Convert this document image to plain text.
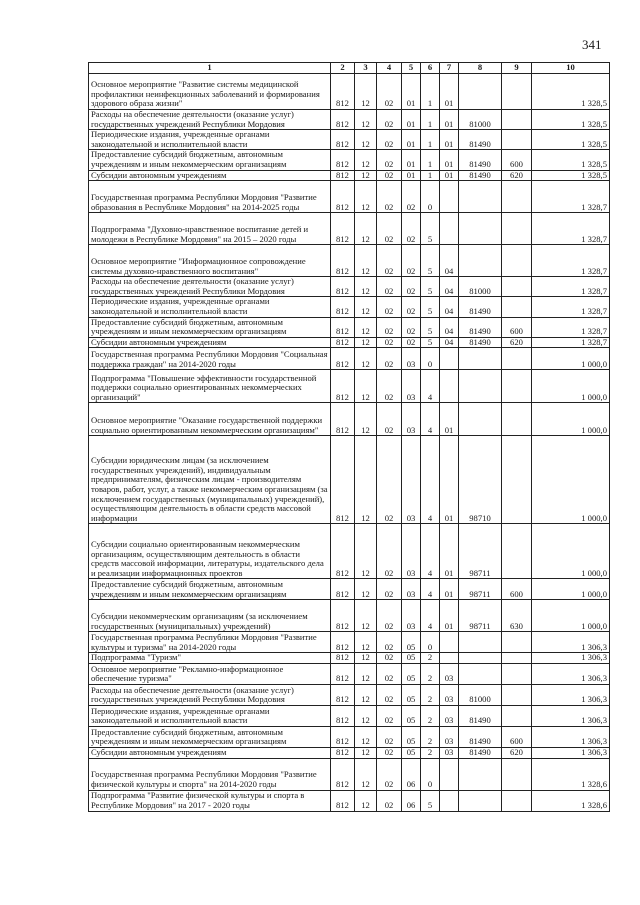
341
1	2	3	4	5	6	7	8	9	10
Основное мероприятие "Развитие системы медицинской профилактики неинфекционных заболеваний и формирования здорового образа жизни"	812	12	02	01	1	01			1 328,5
Расходы на обеспечение деятельности (оказание услуг) государственных учреждений Республики Мордовия	812	12	02	01	1	01	81000		1 328,5
Периодические издания, учрежденные органами законодательной и исполнительной власти	812	12	02	01	1	01	81490		1 328,5
Предоставление субсидий бюджетным, автономным учреждениям и иным некоммерческим организациям	812	12	02	01	1	01	81490	600	1 328,5
Субсидии автономным учреждениям	812	12	02	01	1	01	81490	620	1 328,5
Государственная программа Республики Мордовия "Развитие образования в Республике Мордовия" на 2014-2025 годы	812	12	02	02	0				1 328,7
Подпрограмма "Духовно-нравственное воспитание детей и молодежи в Республике Мордовия" на 2015 – 2020 годы	812	12	02	02	5				1 328,7
Основное мероприятие "Информационное сопровождение системы духовно-нравственного воспитания"	812	12	02	02	5	04			1 328,7
Расходы на обеспечение деятельности (оказание услуг) государственных учреждений Республики Мордовия	812	12	02	02	5	04	81000		1 328,7
Периодические издания, учрежденные органами законодательной и исполнительной власти	812	12	02	02	5	04	81490		1 328,7
Предоставление субсидий бюджетным, автономным учреждениям и иным некоммерческим организациям	812	12	02	02	5	04	81490	600	1 328,7
Субсидии автономным учреждениям	812	12	02	02	5	04	81490	620	1 328,7
Государственная программа Республики Мордовия "Социальная поддержка граждан" на 2014-2020 годы	812	12	02	03	0				1 000,0
Подпрограмма "Повышение эффективности государственной поддержки социально ориентированных некоммерческих организаций"	812	12	02	03	4				1 000,0
Основное мероприятие "Оказание государственной поддержки социально ориентированным некоммерческим организациям"	812	12	02	03	4	01			1 000,0
Субсидии юридическим лицам (за исключением государственных учреждений), индивидуальным предпринимателям, физическим лицам - производителям товаров, работ, услуг, а также некоммерческим организациям (за исключением государственных (муниципальных) учреждений), осуществляющим деятельность в области средств массовой информации	812	12	02	03	4	01	98710		1 000,0
Субсидии социально ориентированным некоммерческим организациям, осуществляющим деятельность в области средств массовой информации, литературы, издательского дела и реализации информационных проектов	812	12	02	03	4	01	98711		1 000,0
Предоставление субсидий бюджетным, автономным учреждениям и иным некоммерческим организациям	812	12	02	03	4	01	98711	600	1 000,0
Субсидии некоммерческим организациям (за исключением государственных (муниципальных) учреждений)	812	12	02	03	4	01	98711	630	1 000,0
Государственная программа Республики Мордовия "Развитие культуры и туризма" на 2014-2020 годы	812	12	02	05	0				1 306,3
Подпрограмма "Туризм"	812	12	02	05	2				1 306,3
Основное мероприятие "Рекламно-информационное обеспечение туризма"	812	12	02	05	2	03			1 306,3
Расходы на обеспечение деятельности (оказание услуг) государственных учреждений Республики Мордовия	812	12	02	05	2	03	81000		1 306,3
Периодические издания, учрежденные органами законодательной и исполнительной власти	812	12	02	05	2	03	81490		1 306,3
Предоставление субсидий бюджетным, автономным учреждениям и иным некоммерческим организациям	812	12	02	05	2	03	81490	600	1 306,3
Субсидии автономным учреждениям	812	12	02	05	2	03	81490	620	1 306,3
Государственная программа Республики Мордовия "Развитие физической культуры и спорта" на 2014-2020 годы	812	12	02	06	0				1 328,6
Подпрограмма "Развитие физической культуры и спорта в Республике Мордовия" на 2017 - 2020 годы	812	12	02	06	5				1 328,6
